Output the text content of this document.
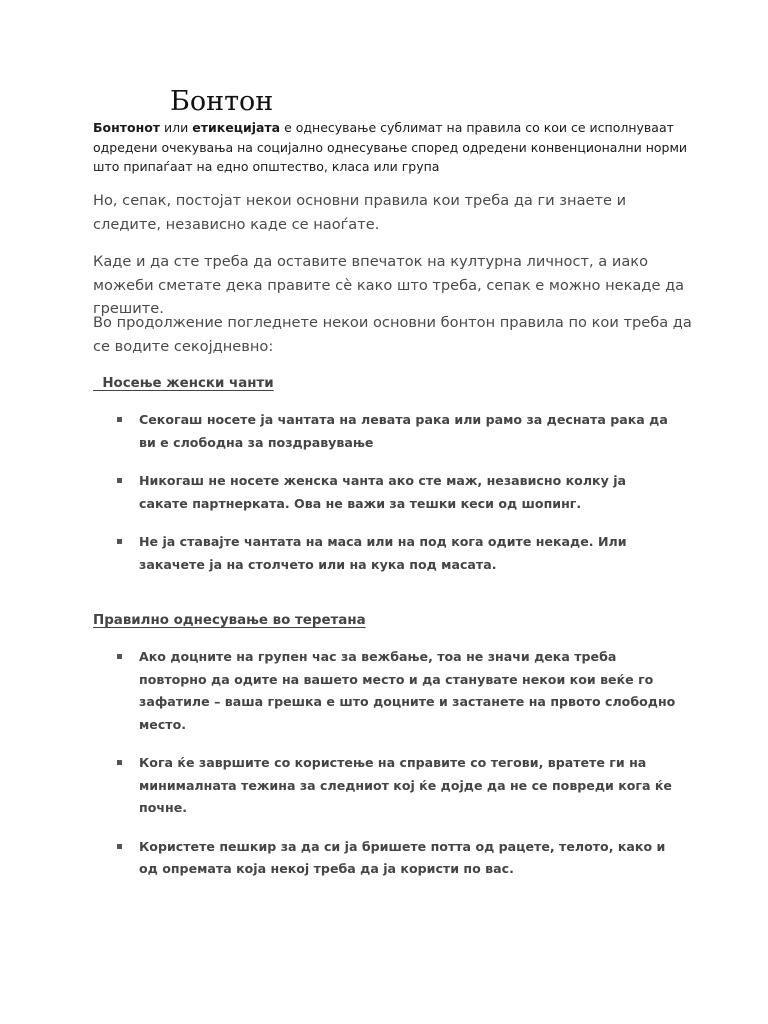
Бонтон

Бонтонот или етикецијата е однесување сублимат на правила со кои се исполнуваат одредени очекувања на социјално однесување според одредени конвенционални норми што припаѓаат на едно општество, класа или група

Но, сепак, постојат некои основни правила кои треба да ги знаете и следите, независно каде се наоѓате.

Каде и да сте треба да оставите впечаток на културна личност, а иако можеби сметате дека правите сè како што треба, сепак е можно некаде да грешите.

Во продолжение погледнете некои основни бонтон правила по кои треба да се водите секојдневно:

Носење женски чанти
Секогаш носете ја чантата на левата рака или рамо за десната рака да ви е слободна за поздравување
Никогаш не носете женска чанта ако сте маж, независно колку ја сакате партнерката. Ова не важи за тешки кеси од шопинг.
Не ја ставајте чантата на маса или на под кога одите некаде. Или закачете ја на столчето или на кука под масата.
Правилно однесување во теретана
Ако доцните на групен час за вежбање, тоа не значи дека треба повторно да одите на вашето место и да станувате некои кои веќе го зафатиле – ваша грешка е што доцните и застанете на првото слободно место.
Кога ќе завршите со користење на справите со тегови, вратете ги на минималната тежина за следниот кој ќе дојде да не се повреди кога ќе почне.
Користете пешкир за да си ја бришете потта од рацете, телото, како и од опремата која некој треба да ја користи по вас.
